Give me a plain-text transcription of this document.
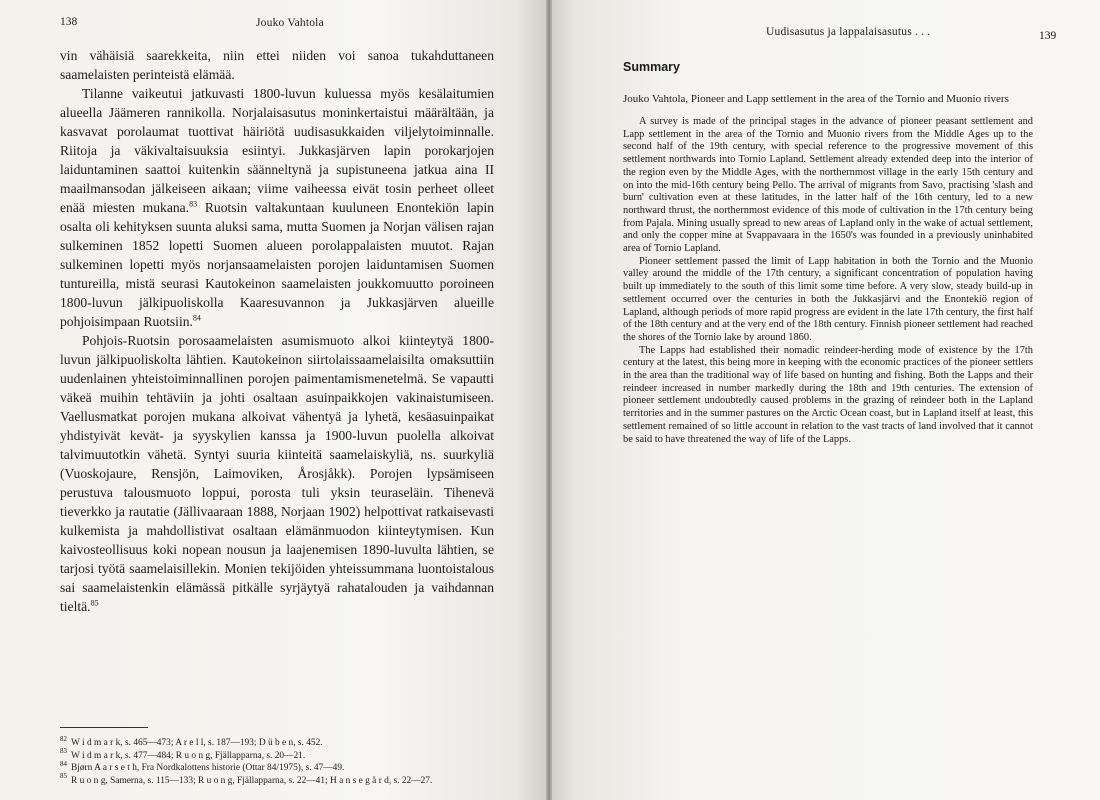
138	Jouko Vahtola

vin vähäisiä saarekkeita, niin ettei niiden voi sanoa tukahduttaneen saamelaisten perinteistä elämää.

Tilanne vaikeutui jatkuvasti 1800-luvun kuluessa myös kesälaitumien alueella Jäämeren rannikolla. Norjalaisasutus moninkertaistui määrältään, ja kasvavat porolaumat tuottivat häiriötä uudisasukkaiden viljelytoiminnalle. Riitoja ja väkivaltaisuuksia esiintyi. Jukkasjärven lapin porokarjojen laiduntaminen saattoi kuitenkin säänneltynä ja supistuneena jatkua aina II maailmansodan jälkeiseen aikaan; viime vaiheessa eivät tosin perheet olleet enää miesten mukana.$^{83}$ Ruotsin valtakuntaan kuuluneen Enontekiön lapin osalta oli kehityksen suunta aluksi sama, mutta Suomen ja Norjan välisen rajan sulkeminen 1852 lopetti Suomen alueen porolappalaisten muutot. Rajan sulkeminen lopetti myös norjansaamelaisten porojen laiduntamisen Suomen tuntureilla, mistä seurasi Kautokeinon saamelaisten joukkomuutto poroineen 1800-luvun jälkipuoliskolla Kaaresuvannon ja Jukkasjärven alueille pohjoisimpaan Ruotsiin.$^{84}$

Pohjois-Ruotsin porosaamelaisten asumismuoto alkoi kiinteytyä 1800-luvun jälkipuoliskolta lähtien. Kautokeinon siirtolaissaamelaisilta omaksuttiin uudenlainen yhteistoiminnallinen porojen paimentamismenetelmä. Se vapautti väkeä muihin tehtäviin ja johti osaltaan asuinpaikkojen vakinaistumiseen. Vaellusmatkat porojen mukana alkoivat vähentyä ja lyhetä, kesäasuinpaikat yhdistyivät kevät- ja syyskylien kanssa ja 1900-luvun puolella alkoivat talvimuutotkin vähetä. Syntyi suuria kiinteitä saamelaiskyliä, ns. suurkyliä (Vuoskojaure, Rensjön, Laimoviken, Årosjåkk). Porojen lypsämiseen perustuva talousmuoto loppui, porosta tuli yksin teuraseläin. Tihenevä tieverkko ja rautatie (Jällivaaraan 1888, Norjaan 1902) helpottivat ratkaisevasti kulkemista ja mahdollistivat osaltaan elämänmuodon kiinteytymisen. Kun kaivosteollisuus koki nopean nousun ja laajenemisen 1890-luvulta lähtien, se tarjosi työtä saamelaisillekin. Monien tekijöiden yhteissummana luontoistalous sai saamelaistenkin elämässä pitkälle syrjäytyä rahatalouden ja vaihdannan tieltä.$^{85}$

$^{82}$ W i d m a r k, s. 465—473; A r e l l, s. 187—193; D ü b e n, s. 452.
$^{83}$ W i d m a r k, s. 477—484; R u o n g, Fjällapparna, s. 20—21.
$^{84}$ Bjørn A a r s e t h, Fra Nordkalottens historie (Ottar 84/1975), s. 47—49.
$^{85}$ R u o n g, Samerna, s. 115—133; R u o n g, Fjällapparna, s. 22—41; H a n s e g å r d, s. 22—27.
Uudisasutus ja lappalaisasutus . . .	139
Summary
Jouko Vahtola, Pioneer and Lapp settlement in the area of the Tornio and Muonio rivers

A survey is made of the principal stages in the advance of pioneer peasant settlement and Lapp settlement in the area of the Tornio and Muonio rivers from the Middle Ages up to the second half of the 19th century, with special reference to the progressive movement of this settlement northwards into Tornio Lapland. Settlement already extended deep into the interior of the region even by the Middle Ages, with the northernmost village in the early 15th century and on into the mid-16th century being Pello. The arrival of migrants from Savo, practising 'slash and burn' cultivation even at these latitudes, in the latter half of the 16th century, led to a new northward thrust, the northernmost evidence of this mode of cultivation in the 17th century being from Pajala. Mining usually spread to new areas of Lapland only in the wake of actual settlement, and only the copper mine at Svappavaara in the 1650's was founded in a previously uninhabited area of Tornio Lapland.

Pioneer settlement passed the limit of Lapp habitation in both the Tornio and the Muonio valley around the middle of the 17th century, a significant concentration of population having built up immediately to the south of this limit some time before. A very slow, steady build-up in settlement occurred over the centuries in both the Jukkasjärvi and the Enontekiö region of Lapland, although periods of more rapid progress are evident in the late 17th century, the first half of the 18th century and at the very end of the 18th century. Finnish pioneer settlement had reached the shores of the Tornio lake by around 1860.

The Lapps had established their nomadic reindeer-herding mode of existence by the 17th century at the latest, this being more in keeping with the economic practices of the pioneer settlers in the area than the traditional way of life based on hunting and fishing. Both the Lapps and their reindeer increased in number markedly during the 18th and 19th centuries. The extension of pioneer settlement undoubtedly caused problems in the grazing of reindeer both in the Lapland territories and in the summer pastures on the Arctic Ocean coast, but in Lapland itself at least, this settlement remained of so little account in relation to the vast tracts of land involved that it cannot be said to have threatened the way of life of the Lapps.
